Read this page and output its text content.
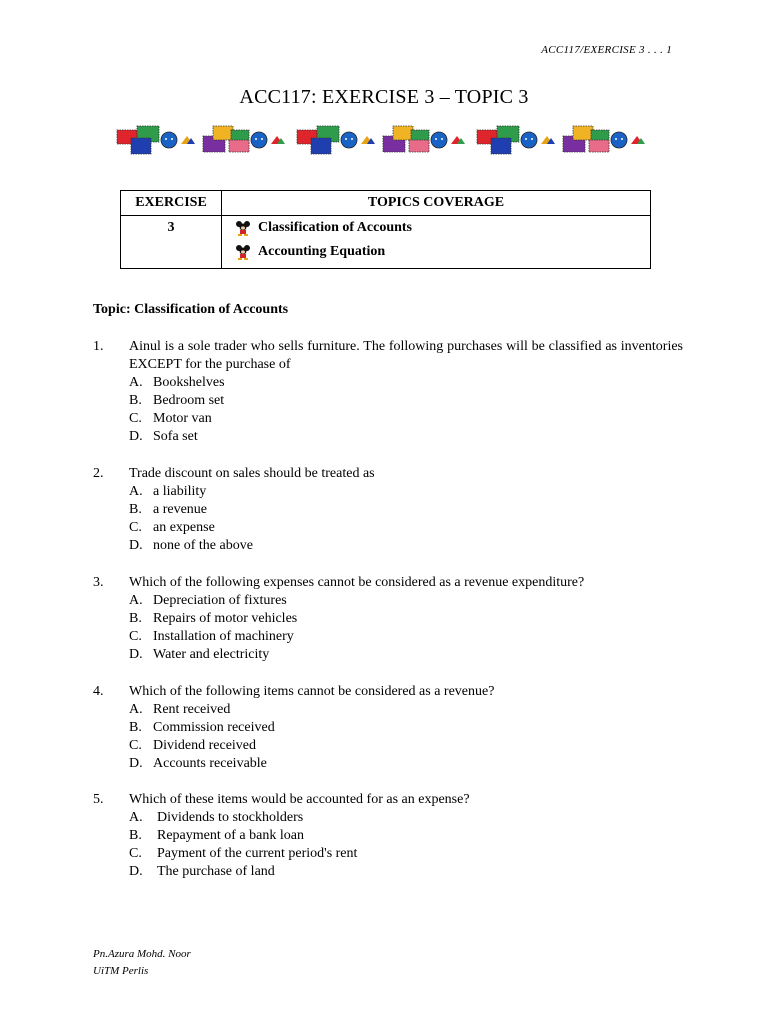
ACC117/EXERCISE 3 . . . 1
ACC117: EXERCISE 3 – TOPIC 3
EXERCISE	TOPICS COVERAGE
3	Classification of Accounts
Accounting Equation
Topic: Classification of Accounts
1. Ainul is a sole trader who sells furniture. The following purchases will be classified as inventories EXCEPT for the purchase of
A. Bookshelves
B. Bedroom set
C. Motor van
D. Sofa set
2. Trade discount on sales should be treated as
A. a liability
B. a revenue
C. an expense
D. none of the above
3. Which of the following expenses cannot be considered as a revenue expenditure?
A. Depreciation of fixtures
B. Repairs of motor vehicles
C. Installation of machinery
D. Water and electricity
4. Which of the following items cannot be considered as a revenue?
A. Rent received
B. Commission received
C. Dividend received
D. Accounts receivable
5. Which of these items would be accounted for as an expense?
A.	Dividends to stockholders
B.	Repayment of a bank loan
C.	Payment of the current period's rent
D.	The purchase of land
Pn.Azura Mohd. Noor
UiTM Perlis
